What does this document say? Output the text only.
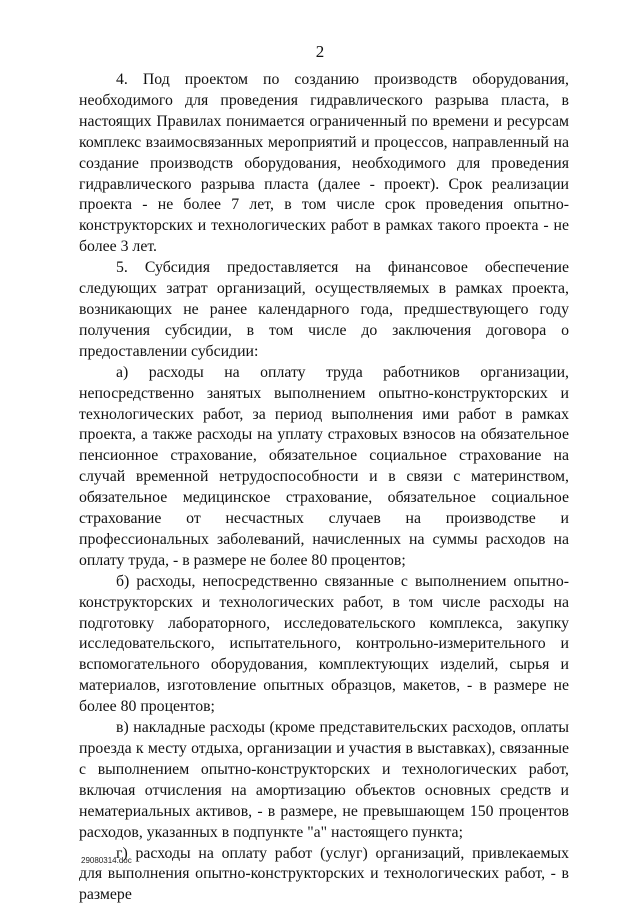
2

4. Под проектом по созданию производств оборудования, необходимого для проведения гидравлического разрыва пласта, в настоящих Правилах понимается ограниченный по времени и ресурсам комплекс взаимосвязанных мероприятий и процессов, направленный на создание производств оборудования, необходимого для проведения гидравлического разрыва пласта (далее - проект). Срок реализации проекта - не более 7 лет, в том числе срок проведения опытно-конструкторских и технологических работ в рамках такого проекта - не более 3 лет.

5. Субсидия предоставляется на финансовое обеспечение следующих затрат организаций, осуществляемых в рамках проекта, возникающих не ранее календарного года, предшествующего году получения субсидии, в том числе до заключения договора о предоставлении субсидии:

а) расходы на оплату труда работников организации, непосредственно занятых выполнением опытно-конструкторских и технологических работ, за период выполнения ими работ в рамках проекта, а также расходы на уплату страховых взносов на обязательное пенсионное страхование, обязательное социальное страхование на случай временной нетрудоспособности и в связи с материнством, обязательное медицинское страхование, обязательное социальное страхование от несчастных случаев на производстве и профессиональных заболеваний, начисленных на суммы расходов на оплату труда, - в размере не более 80 процентов;

б) расходы, непосредственно связанные с выполнением опытно-конструкторских и технологических работ, в том числе расходы на подготовку лабораторного, исследовательского комплекса, закупку исследовательского, испытательного, контрольно-измерительного и вспомогательного оборудования, комплектующих изделий, сырья и материалов, изготовление опытных образцов, макетов, - в размере не более 80 процентов;

в) накладные расходы (кроме представительских расходов, оплаты проезда к месту отдыха, организации и участия в выставках), связанные с выполнением опытно-конструкторских и технологических работ, включая отчисления на амортизацию объектов основных средств и нематериальных активов, - в размере, не превышающем 150 процентов расходов, указанных в подпункте "а" настоящего пункта;

г) расходы на оплату работ (услуг) организаций, привлекаемых для выполнения опытно-конструкторских и технологических работ, - в размере

29080314.doc
